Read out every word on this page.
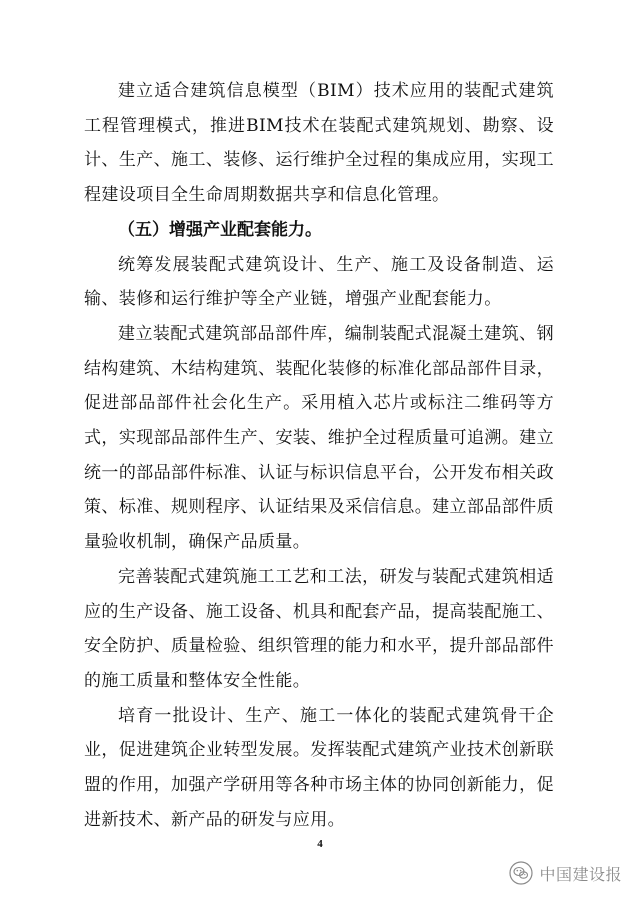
建立适合建筑信息模型（BIM）技术应用的装配式建筑工程管理模式，推进BIM技术在装配式建筑规划、勘察、设计、生产、施工、装修、运行维护全过程的集成应用，实现工程建设项目全生命周期数据共享和信息化管理。

（五）增强产业配套能力。

统筹发展装配式建筑设计、生产、施工及设备制造、运输、装修和运行维护等全产业链，增强产业配套能力。

建立装配式建筑部品部件库，编制装配式混凝土建筑、钢结构建筑、木结构建筑、装配化装修的标准化部品部件目录，促进部品部件社会化生产。采用植入芯片或标注二维码等方式，实现部品部件生产、安装、维护全过程质量可追溯。建立统一的部品部件标准、认证与标识信息平台，公开发布相关政策、标准、规则程序、认证结果及采信信息。建立部品部件质量验收机制，确保产品质量。

完善装配式建筑施工工艺和工法，研发与装配式建筑相适应的生产设备、施工设备、机具和配套产品，提高装配施工、安全防护、质量检验、组织管理的能力和水平，提升部品部件的施工质量和整体安全性能。

培育一批设计、生产、施工一体化的装配式建筑骨干企业，促进建筑企业转型发展。发挥装配式建筑产业技术创新联盟的作用，加强产学研用等各种市场主体的协同创新能力，促进新技术、新产品的研发与应用。

4
中国建设报
